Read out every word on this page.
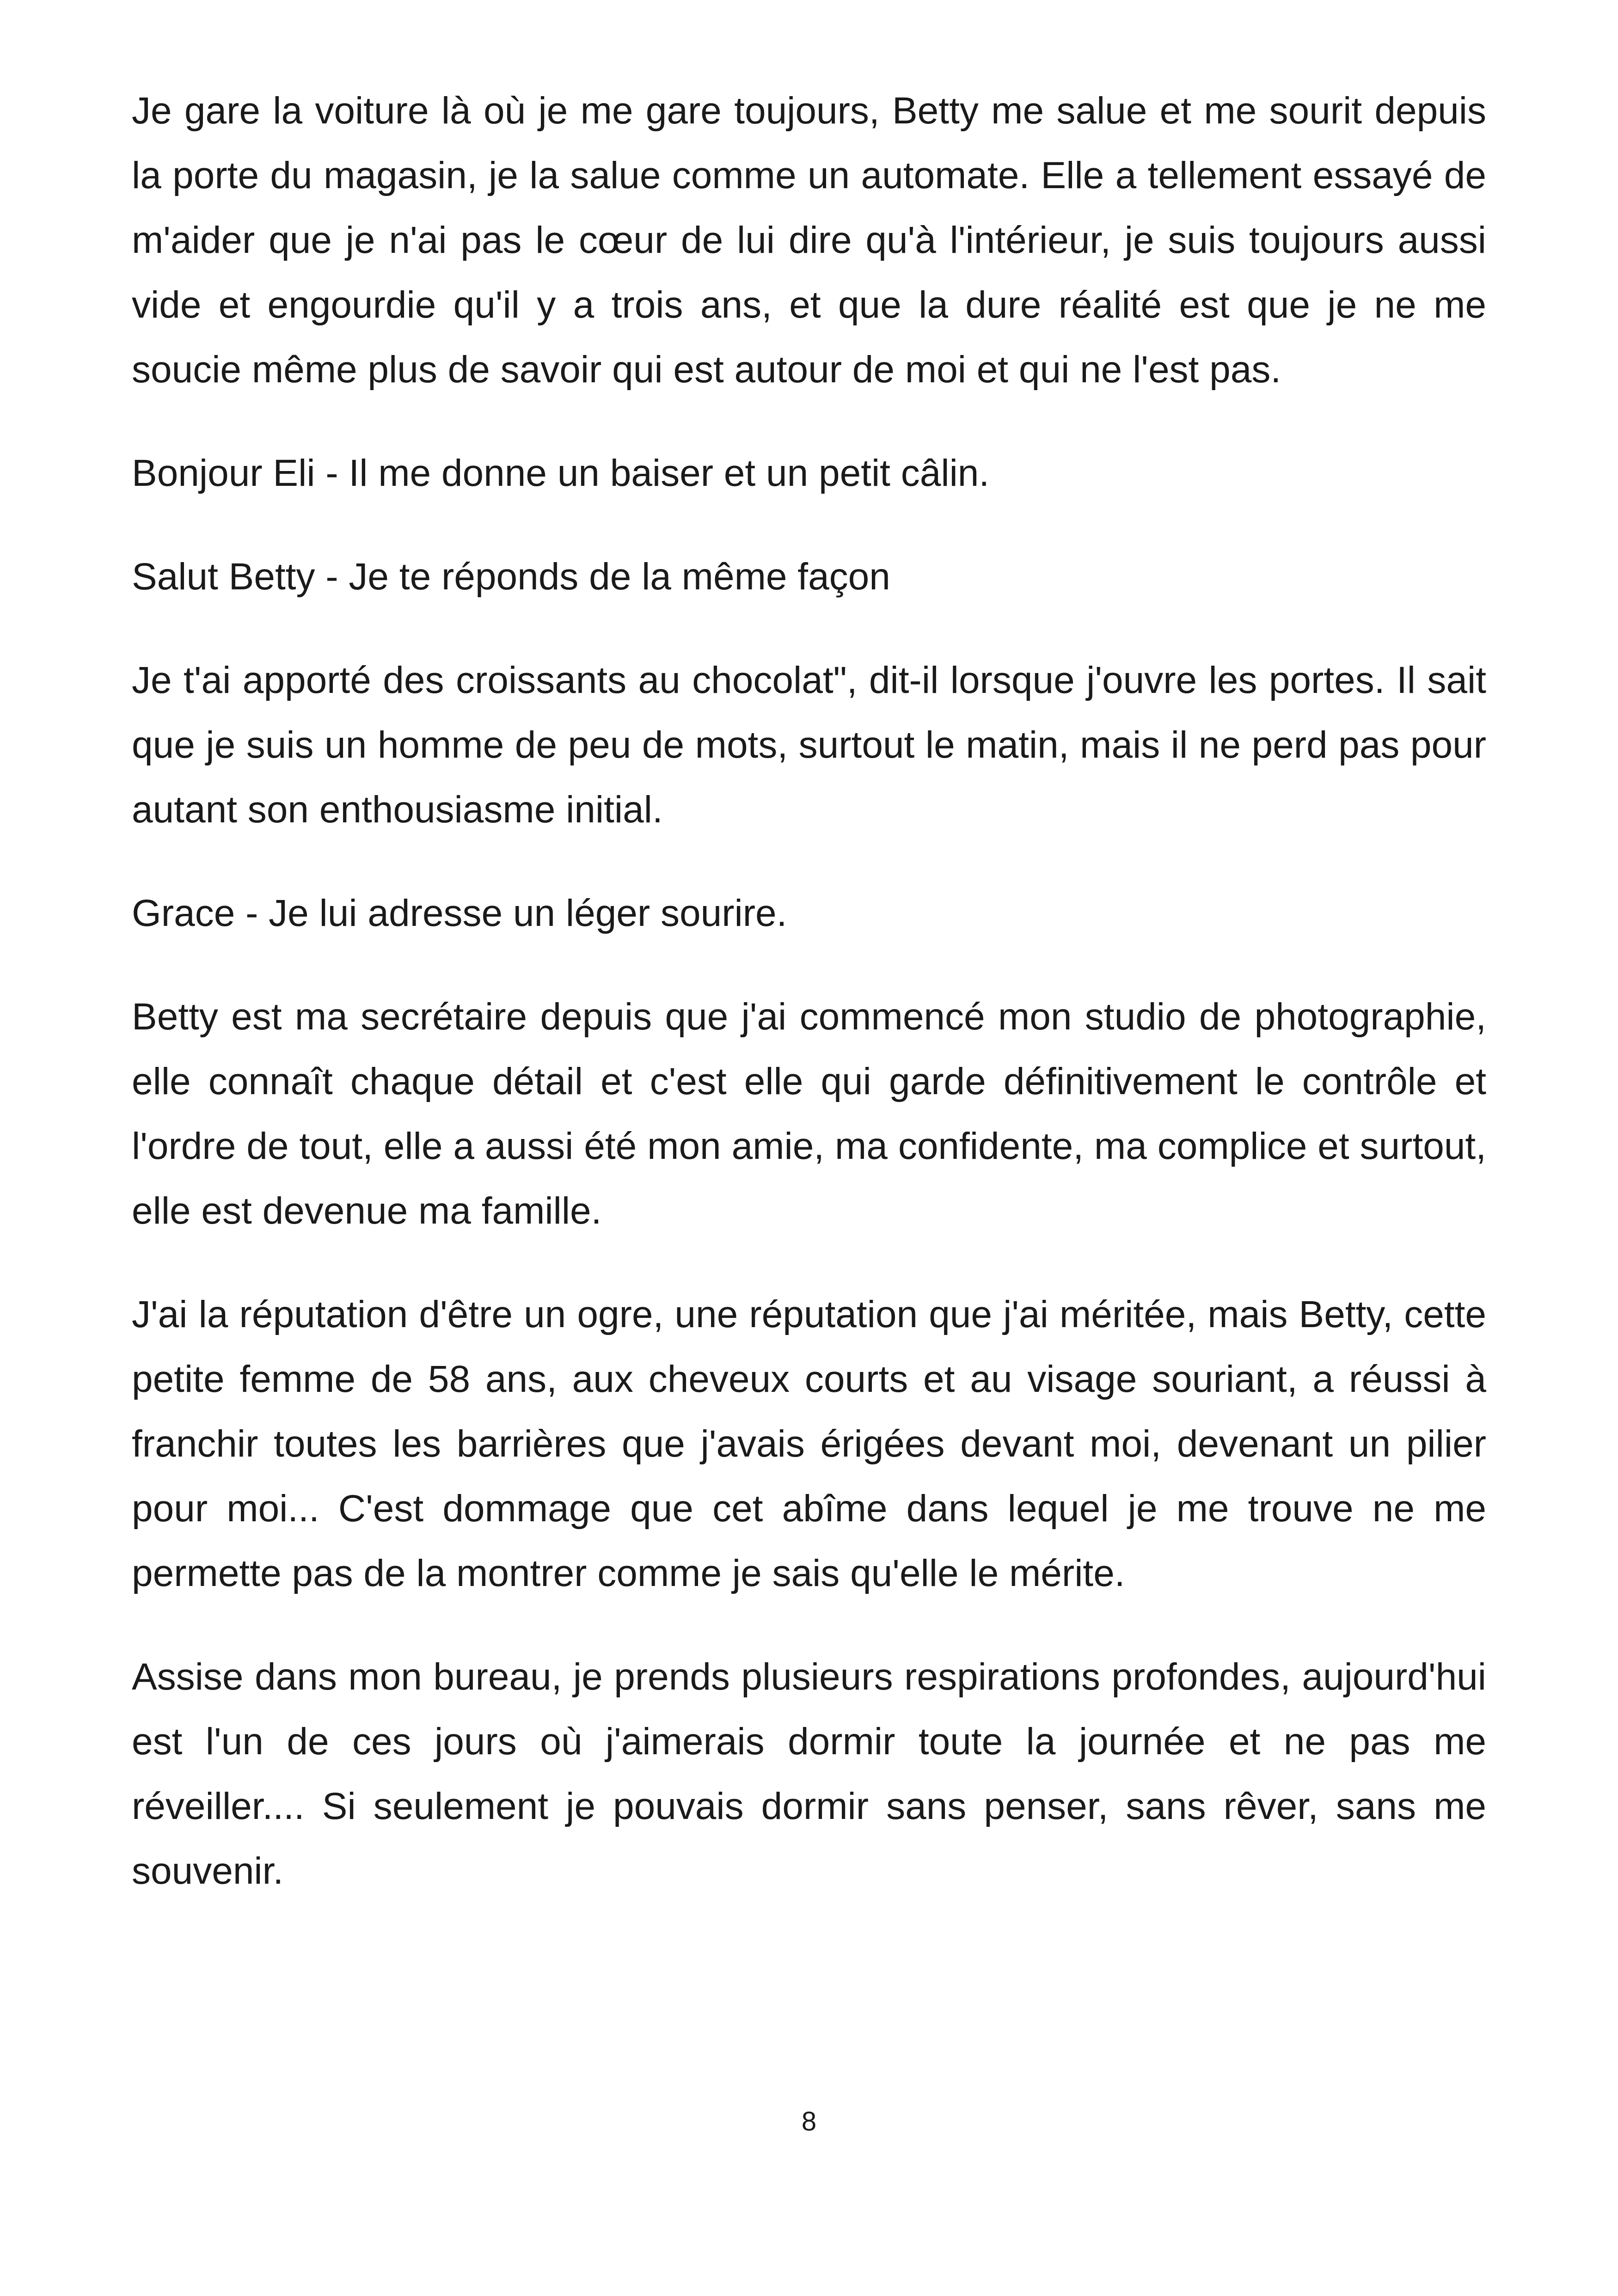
Je gare la voiture là où je me gare toujours, Betty me salue et me sourit depuis la porte du magasin, je la salue comme un automate. Elle a tellement essayé de m'aider que je n'ai pas le cœur de lui dire qu'à l'intérieur, je suis toujours aussi vide et engourdie qu'il y a trois ans, et que la dure réalité est que je ne me soucie même plus de savoir qui est autour de moi et qui ne l'est pas.

Bonjour Eli - Il me donne un baiser et un petit câlin.

Salut Betty - Je te réponds de la même façon

Je t'ai apporté des croissants au chocolat", dit-il lorsque j'ouvre les portes. Il sait que je suis un homme de peu de mots, surtout le matin, mais il ne perd pas pour autant son enthousiasme initial.

Grace - Je lui adresse un léger sourire.

Betty est ma secrétaire depuis que j'ai commencé mon studio de photographie, elle connaît chaque détail et c'est elle qui garde définitivement le contrôle et l'ordre de tout, elle a aussi été mon amie, ma confidente, ma complice et surtout, elle est devenue ma famille.

J'ai la réputation d'être un ogre, une réputation que j'ai méritée, mais Betty, cette petite femme de 58 ans, aux cheveux courts et au visage souriant, a réussi à franchir toutes les barrières que j'avais érigées devant moi, devenant un pilier pour moi... C'est dommage que cet abîme dans lequel je me trouve ne me permette pas de la montrer comme je sais qu'elle le mérite.

Assise dans mon bureau, je prends plusieurs respirations profondes, aujourd'hui est l'un de ces jours où j'aimerais dormir toute la journée et ne pas me réveiller.... Si seulement je pouvais dormir sans penser, sans rêver, sans me souvenir.

8
